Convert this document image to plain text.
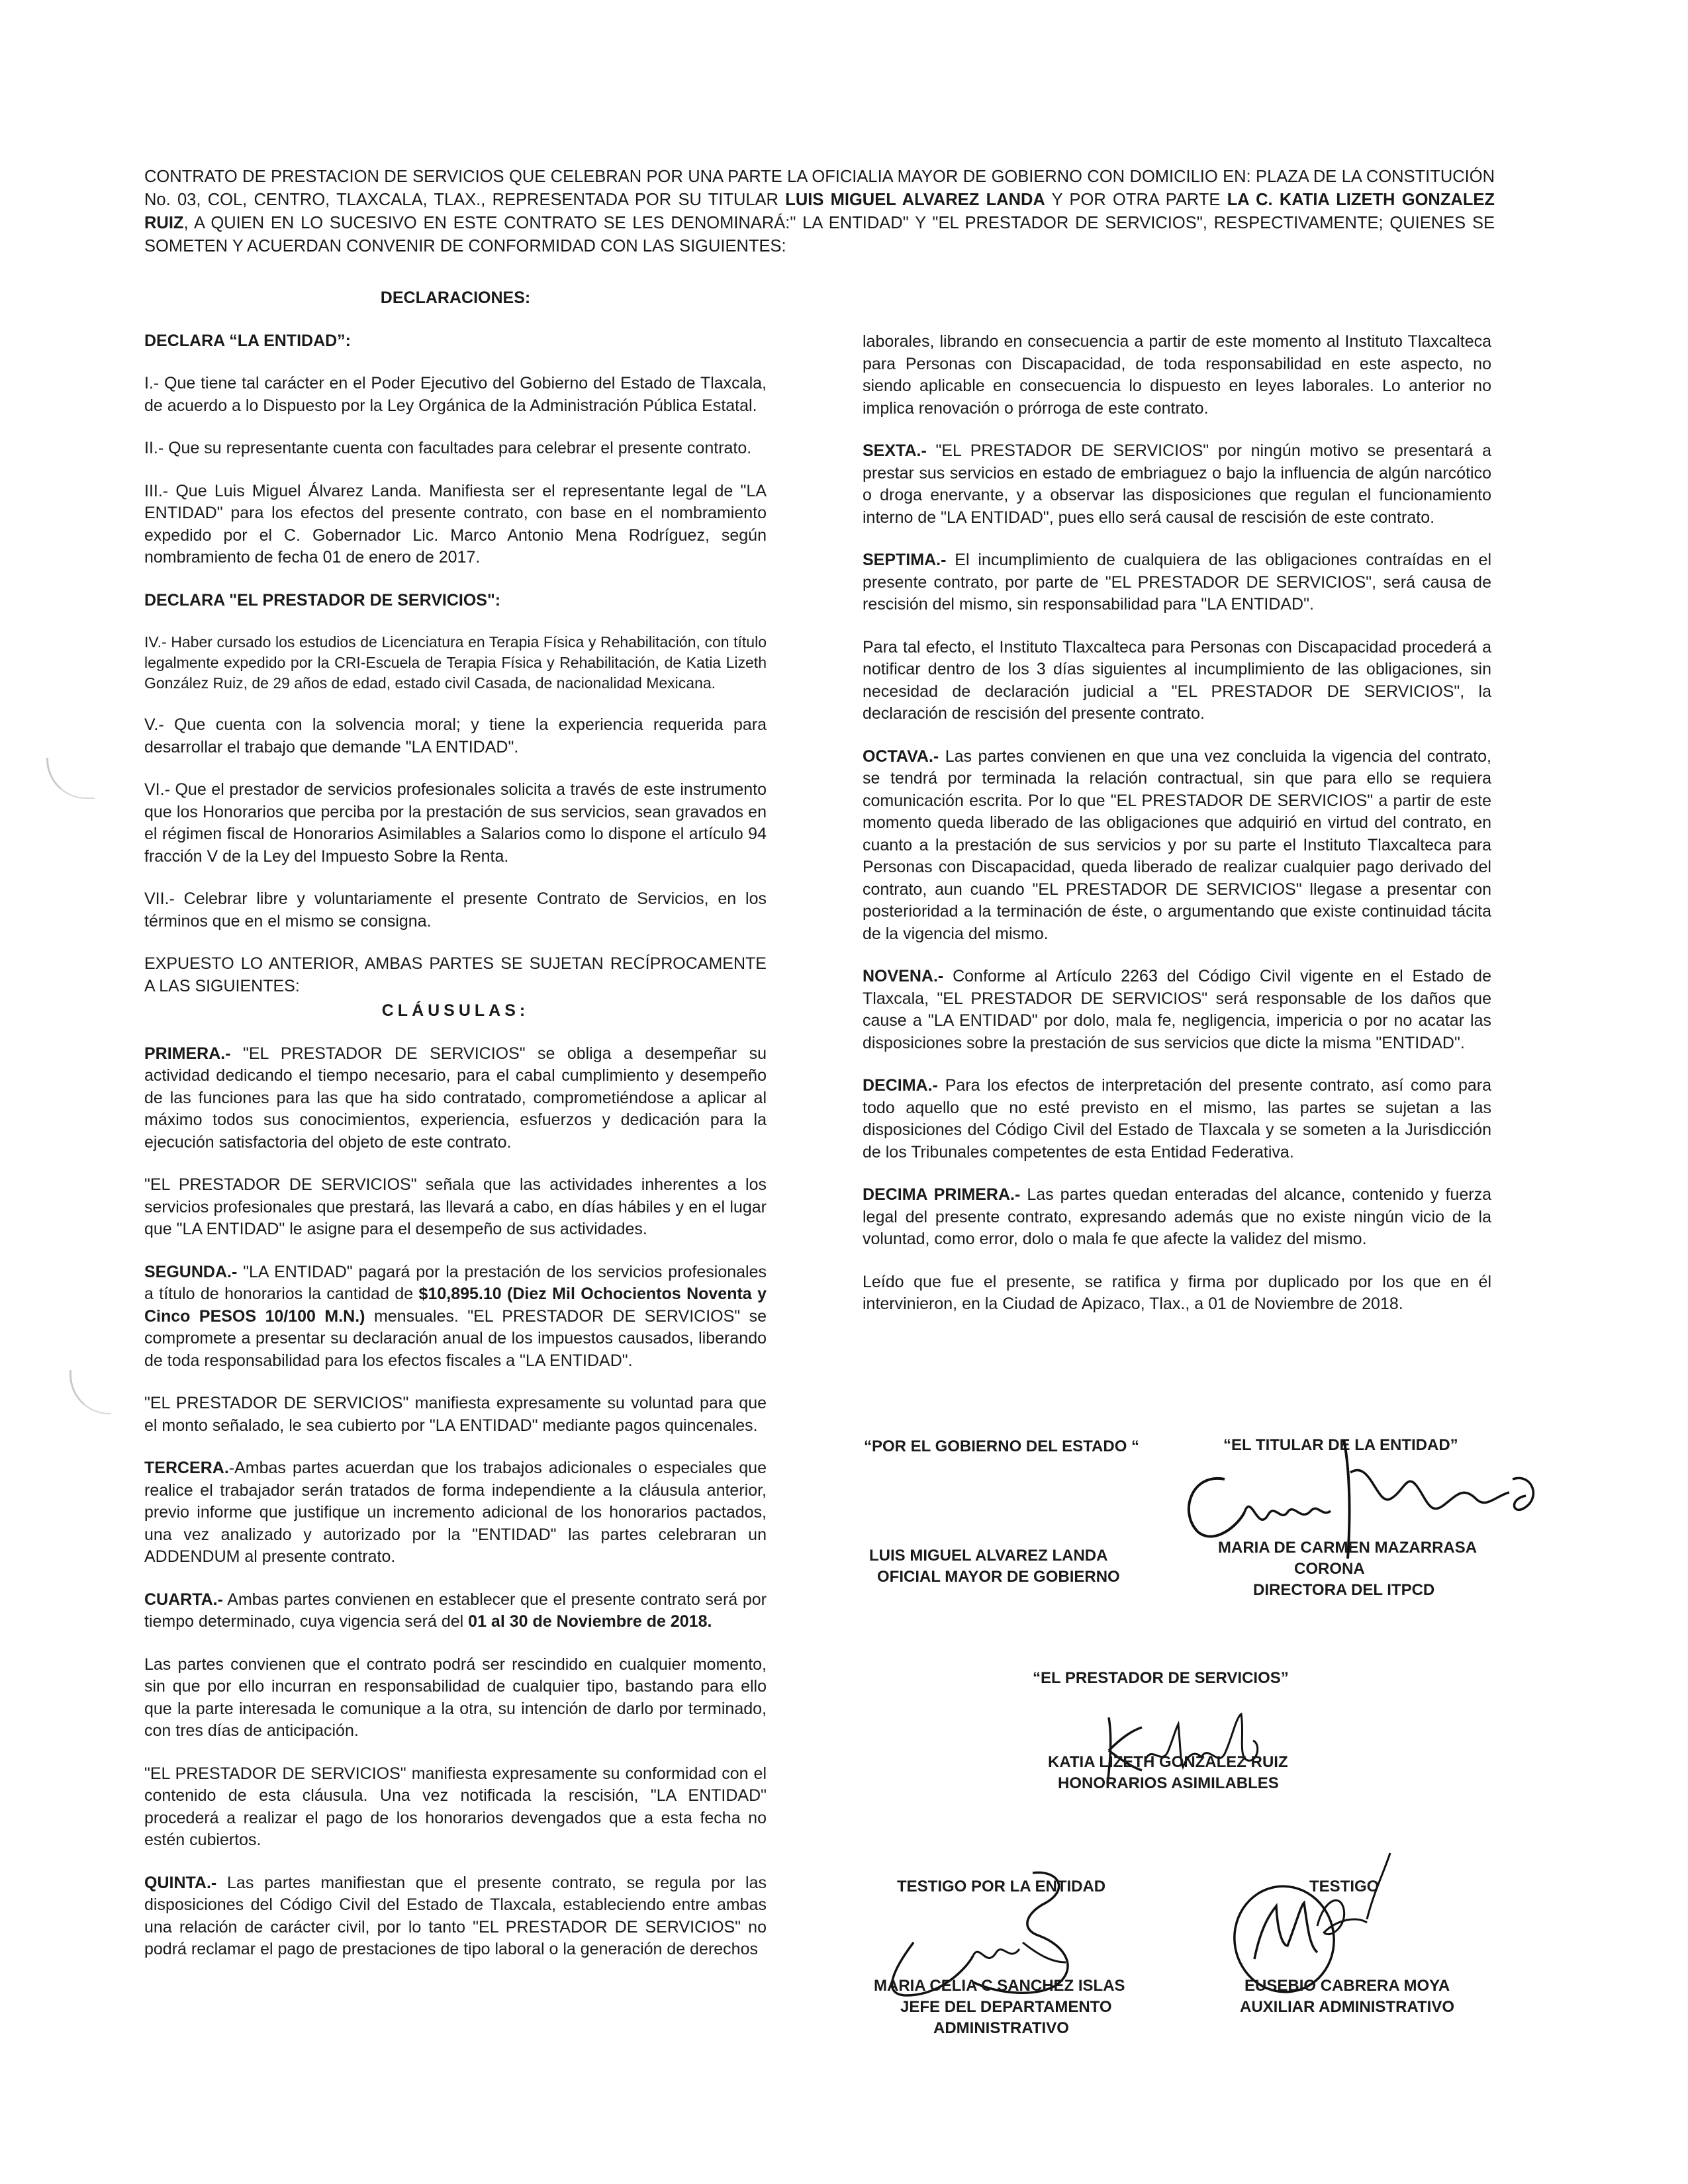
CONTRATO DE PRESTACION DE SERVICIOS QUE CELEBRAN POR UNA PARTE LA OFICIALIA MAYOR DE GOBIERNO CON DOMICILIO EN: PLAZA DE LA CONSTITUCIÓN No. 03, COL, CENTRO, TLAXCALA, TLAX., REPRESENTADA POR SU TITULAR LUIS MIGUEL ALVAREZ LANDA Y POR OTRA PARTE LA C. KATIA LIZETH GONZALEZ RUIZ, A QUIEN EN LO SUCESIVO EN ESTE CONTRATO SE LES DENOMINARÁ:" LA ENTIDAD" Y "EL PRESTADOR DE SERVICIOS", RESPECTIVAMENTE; QUIENES SE SOMETEN Y ACUERDAN CONVENIR DE CONFORMIDAD CON LAS SIGUIENTES:

DECLARACIONES:

DECLARA “LA ENTIDAD”:

I.- Que tiene tal carácter en el Poder Ejecutivo del Gobierno del Estado de Tlaxcala, de acuerdo a lo Dispuesto por la Ley Orgánica de la Administración Pública Estatal.

II.- Que su representante cuenta con facultades para celebrar el presente contrato.

III.- Que Luis Miguel Álvarez Landa. Manifiesta ser el representante legal de "LA ENTIDAD" para los efectos del presente contrato, con base en el nombramiento expedido por el C. Gobernador Lic. Marco Antonio Mena Rodríguez, según nombramiento de fecha 01 de enero de 2017.

DECLARA "EL PRESTADOR DE SERVICIOS":

IV.- Haber cursado los estudios de Licenciatura en Terapia Física y Rehabilitación, con título legalmente expedido por la CRI-Escuela de Terapia Física y Rehabilitación, de Katia Lizeth González Ruiz, de 29 años de edad, estado civil Casada, de nacionalidad Mexicana.

V.- Que cuenta con la solvencia moral; y tiene la experiencia requerida para desarrollar el trabajo que demande "LA ENTIDAD".

VI.- Que el prestador de servicios profesionales solicita a través de este instrumento que los Honorarios que perciba por la prestación de sus servicios, sean gravados en el régimen fiscal de Honorarios Asimilables a Salarios como lo dispone el artículo 94 fracción V de la Ley del Impuesto Sobre la Renta.

VII.- Celebrar libre y voluntariamente el presente Contrato de Servicios, en los términos que en el mismo se consigna.

EXPUESTO LO ANTERIOR, AMBAS PARTES SE SUJETAN RECÍPROCAMENTE A LAS SIGUIENTES:

CLÁUSULAS:

PRIMERA.- "EL PRESTADOR DE SERVICIOS" se obliga a desempeñar su actividad dedicando el tiempo necesario, para el cabal cumplimiento y desempeño de las funciones para las que ha sido contratado, comprometiéndose a aplicar al máximo todos sus conocimientos, experiencia, esfuerzos y dedicación para la ejecución satisfactoria del objeto de este contrato.

"EL PRESTADOR DE SERVICIOS" señala que las actividades inherentes a los servicios profesionales que prestará, las llevará a cabo, en días hábiles y en el lugar que "LA ENTIDAD" le asigne para el desempeño de sus actividades.

SEGUNDA.- "LA ENTIDAD" pagará por la prestación de los servicios profesionales a título de honorarios la cantidad de $10,895.10 (Diez Mil Ochocientos Noventa y Cinco PESOS 10/100 M.N.) mensuales. "EL PRESTADOR DE SERVICIOS" se compromete a presentar su declaración anual de los impuestos causados, liberando de toda responsabilidad para los efectos fiscales a "LA ENTIDAD".

"EL PRESTADOR DE SERVICIOS" manifiesta expresamente su voluntad para que el monto señalado, le sea cubierto por "LA ENTIDAD" mediante pagos quincenales.

TERCERA.-Ambas partes acuerdan que los trabajos adicionales o especiales que realice el trabajador serán tratados de forma independiente a la cláusula anterior, previo informe que justifique un incremento adicional de los honorarios pactados, una vez analizado y autorizado por la "ENTIDAD" las partes celebraran un ADDENDUM al presente contrato.

CUARTA.- Ambas partes convienen en establecer que el presente contrato será por tiempo determinado, cuya vigencia será del 01 al 30 de Noviembre de 2018.

Las partes convienen que el contrato podrá ser rescindido en cualquier momento, sin que por ello incurran en responsabilidad de cualquier tipo, bastando para ello que la parte interesada le comunique a la otra, su intención de darlo por terminado, con tres días de anticipación.

"EL PRESTADOR DE SERVICIOS" manifiesta expresamente su conformidad con el contenido de esta cláusula. Una vez notificada la rescisión, "LA ENTIDAD" procederá a realizar el pago de los honorarios devengados que a esta fecha no estén cubiertos.

QUINTA.- Las partes manifiestan que el presente contrato, se regula por las disposiciones del Código Civil del Estado de Tlaxcala, estableciendo entre ambas una relación de carácter civil, por lo tanto "EL PRESTADOR DE SERVICIOS" no podrá reclamar el pago de prestaciones de tipo laboral o la generación de derechos

laborales, librando en consecuencia a partir de este momento al Instituto Tlaxcalteca para Personas con Discapacidad, de toda responsabilidad en este aspecto, no siendo aplicable en consecuencia lo dispuesto en leyes laborales. Lo anterior no implica renovación o prórroga de este contrato.

SEXTA.- "EL PRESTADOR DE SERVICIOS" por ningún motivo se presentará a prestar sus servicios en estado de embriaguez o bajo la influencia de algún narcótico o droga enervante, y a observar las disposiciones que regulan el funcionamiento interno de "LA ENTIDAD", pues ello será causal de rescisión de este contrato.

SEPTIMA.- El incumplimiento de cualquiera de las obligaciones contraídas en el presente contrato, por parte de "EL PRESTADOR DE SERVICIOS", será causa de rescisión del mismo, sin responsabilidad para "LA ENTIDAD".

Para tal efecto, el Instituto Tlaxcalteca para Personas con Discapacidad procederá a notificar dentro de los 3 días siguientes al incumplimiento de las obligaciones, sin necesidad de declaración judicial a "EL PRESTADOR DE SERVICIOS", la declaración de rescisión del presente contrato.

OCTAVA.- Las partes convienen en que una vez concluida la vigencia del contrato, se tendrá por terminada la relación contractual, sin que para ello se requiera comunicación escrita. Por lo que "EL PRESTADOR DE SERVICIOS" a partir de este momento queda liberado de las obligaciones que adquirió en virtud del contrato, en cuanto a la prestación de sus servicios y por su parte el Instituto Tlaxcalteca para Personas con Discapacidad, queda liberado de realizar cualquier pago derivado del contrato, aun cuando "EL PRESTADOR DE SERVICIOS" llegase a presentar con posterioridad a la terminación de éste, o argumentando que existe continuidad tácita de la vigencia del mismo.

NOVENA.- Conforme al Artículo 2263 del Código Civil vigente en el Estado de Tlaxcala, "EL PRESTADOR DE SERVICIOS" será responsable de los daños que cause a "LA ENTIDAD" por dolo, mala fe, negligencia, impericia o por no acatar las disposiciones sobre la prestación de sus servicios que dicte la misma "ENTIDAD".

DECIMA.- Para los efectos de interpretación del presente contrato, así como para todo aquello que no esté previsto en el mismo, las partes se sujetan a las disposiciones del Código Civil del Estado de Tlaxcala y se someten a la Jurisdicción de los Tribunales competentes de esta Entidad Federativa.

DECIMA PRIMERA.- Las partes quedan enteradas del alcance, contenido y fuerza legal del presente contrato, expresando además que no existe ningún vicio de la voluntad, como error, dolo o mala fe que afecte la validez del mismo.

Leído que fue el presente, se ratifica y firma por duplicado por los que en él intervinieron, en la Ciudad de Apizaco, Tlax., a 01 de Noviembre de 2018.

“POR EL GOBIERNO DEL ESTADO “	“EL TITULAR DE LA ENTIDAD”
LUIS MIGUEL ALVAREZ LANDA
OFICIAL MAYOR DE GOBIERNO
MARIA DE CARMEN MAZARRASA
CORONA
DIRECTORA DEL ITPCD
“EL PRESTADOR DE SERVICIOS”
KATIA LIZETH GONZALEZ RUIZ
HONORARIOS ASIMILABLES
TESTIGO POR LA ENTIDAD	TESTIGO
MARIA CELIA C SANCHEZ ISLAS
JEFE DEL DEPARTAMENTO
ADMINISTRATIVO
EUSEBIO CABRERA MOYA
AUXILIAR ADMINISTRATIVO
